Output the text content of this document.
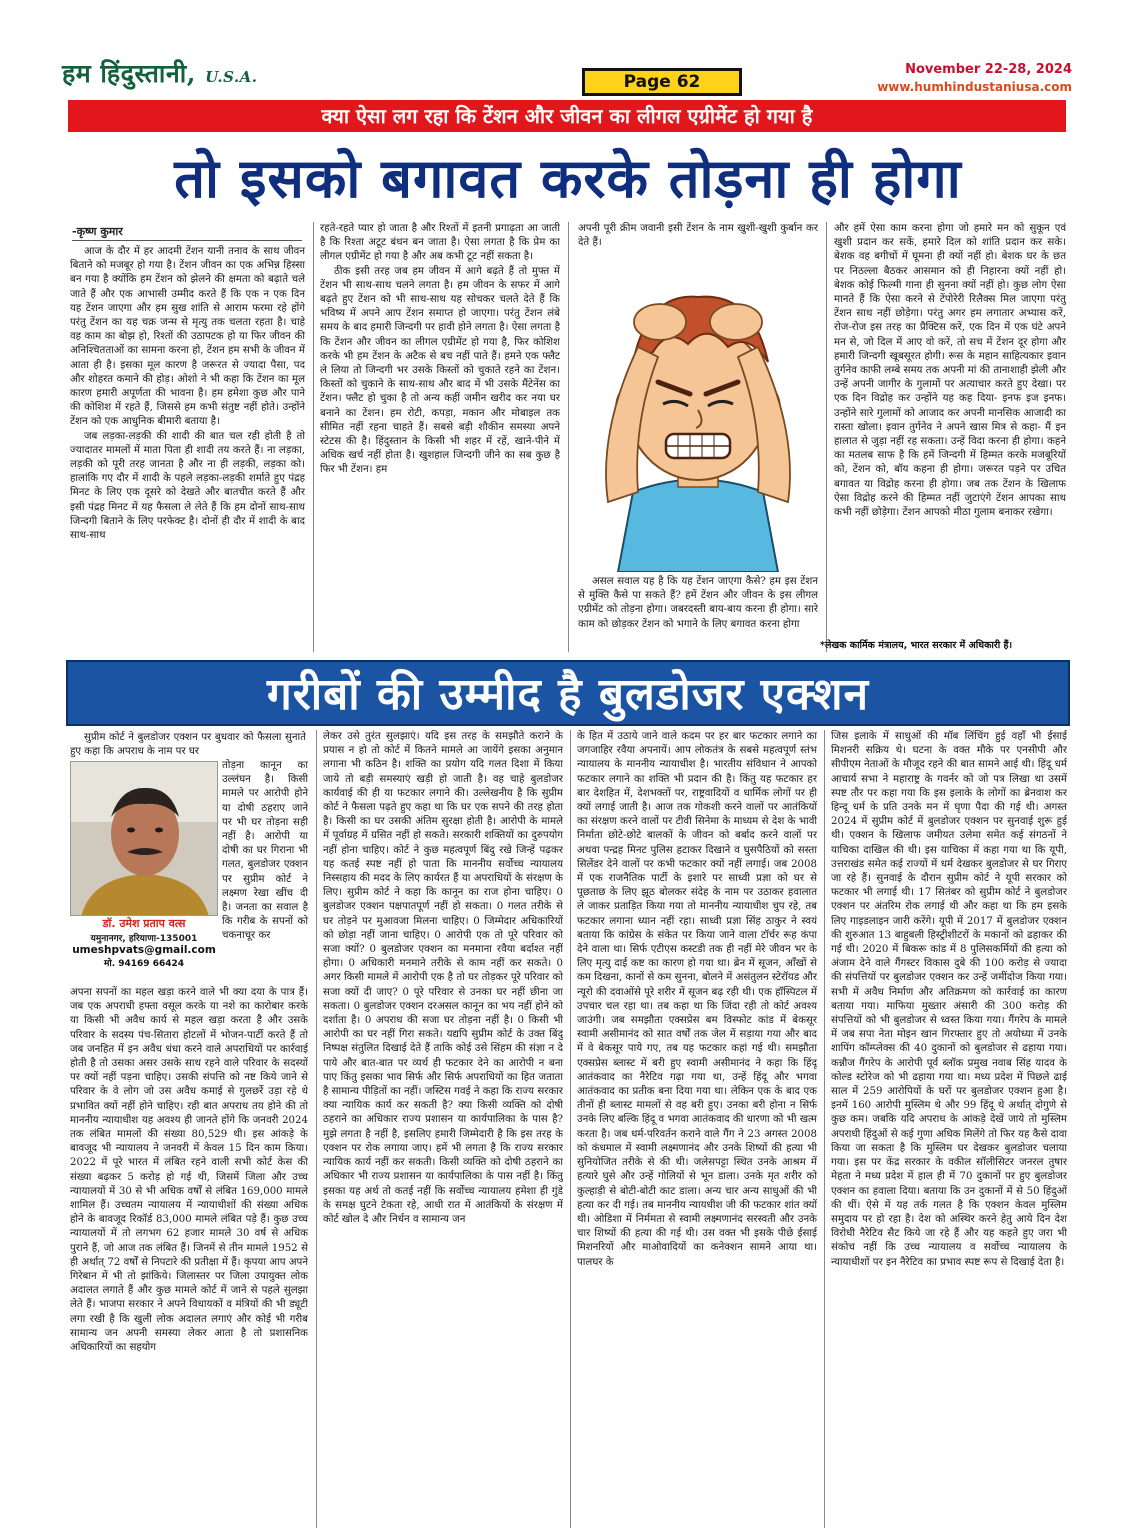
हम हिंदुस्तानी, U.S.A.	Page 62
November 22-28, 2024
www.humhindustaniusa.com
क्या ऐसा लग रहा कि टेंशन और जीवन का लीगल एग्रीमेंट हो गया है
तो इसको बगावत करके तोड़ना ही होगा
-कृष्ण कुमार

आज के दौर में हर आदमी टेंशन यानी तनाव के साथ जीवन बिताने को मजबूर हो गया है। टेंशन जीवन का एक अभिन्न हिस्सा बन गया है क्योंकि हम टेंशन को झेलने की क्षमता को बढ़ाते चले जाते हैं और एक आभासी उम्मीद करते हैं कि एक न एक दिन यह टेंशन जाएगा और हम सुख शांति से आराम फरमा रहे होंगे परंतु टेंशन का यह चक्र जन्म से मृत्यु तक चलता रहता है। चाहे वह काम का बोझ हो, रिश्तों की उठापटक हो या फिर जीवन की अनिश्चितताओं का सामना करना हो, टेंशन हम सभी के जीवन में आता ही है। इसका मूल कारण है जरूरत से ज्यादा पैसा, पद और शोहरत कमाने की होड़। ओशो ने भी कहा कि टेंशन का मूल कारण हमारी अपूर्णता की भावना है। हम हमेशा कुछ और पाने की कोशिश में रहते हैं, जिससे हम कभी संतुष्ट नहीं होते। उन्होंने टेंशन को एक आधुनिक बीमारी बताया है।

जब लड़का-लड़की की शादी की बात चल रही होती है तो ज्यादातर मामलों में माता पिता ही शादी तय करते हैं। ना लड़का, लड़की को पूरी तरह जानता है और ना ही लड़की, लड़का को। हालांकि गए दौर में शादी के पहले लड़का-लड़की शर्माते हुए पंद्रह मिनट के लिए एक दूसरे को देखते और बातचीत करते हैं और इसी पंद्रह मिनट में यह फैसला ले लेते हैं कि हम दोनों साथ-साथ जिन्दगी बिताने के लिए परफेक्ट है। दोनों ही दौर में शादी के बाद साथ-साथ

रहते-रहते प्यार हो जाता है और रिश्तों में इतनी प्रगाढ़ता आ जाती है कि रिश्ता अटूट बंधन बन जाता है। ऐसा लगता है कि प्रेम का लीगल एग्रीमेंट हो गया है और अब कभी टूट नहीं सकता है।

ठीक इसी तरह जब हम जीवन में आगे बढ़ते हैं तो मुफ्त में टेंशन भी साथ-साथ चलने लगता है। हम जीवन के सफर में आगे बढ़ते हुए टेंशन को भी साथ-साथ यह सोचकर चलते देते हैं कि भविष्य में अपने आप टेंशन समाप्त हो जाएगा। परंतु टेंशन लंबे समय के बाद हमारी जिन्दगी पर हावी होने लगता है। ऐसा लगता है कि टेंशन और जीवन का लीगल एग्रीमेंट हो गया है, फिर कोशिश करके भी हम टेंशन के अटैक से बच नहीं पाते हैं। हमने एक फ्लैट ले लिया तो जिन्दगी भर उसके किस्तों को चुकाते रहने का टेंशन। किस्तों को चुकाने के साथ-साथ और बाद में भी उसके मैंटेनेंस का टेंशन। फ्लैट हो चुका है तो अन्य कहीं जमीन खरीद कर नया घर बनाने का टेंशन। हम रोटी, कपड़ा, मकान और मोबाइल तक सीमित नहीं रहना चाहते हैं। सबसे बड़ी शौकीन समस्या अपने स्टेटस की है। हिंदुस्तान के किसी भी शहर में रहें, खाने-पीने में अधिक खर्च नहीं होता है। खुशहाल जिन्दगी जीने का सब कुछ है फिर भी टेंशन। हम

अपनी पूरी क्रीम जवानी इसी टेंशन के नाम खुशी-खुशी कुर्बान कर देते हैं।

असल सवाल यह है कि यह टेंशन जाएगा कैसे? हम इस टेंशन से मुक्ति कैसे पा सकते हैं? हमें टेंशन और जीवन के इस लीगल एग्रीमेंट को तोड़ना होगा। जबरदस्ती बाय-बाय करना ही होगा। सारे काम को छोड़कर टेंशन को भगाने के लिए बगावत करना होगा

और हमें ऐसा काम करना होगा जो हमारे मन को सुकून एवं खुशी प्रदान कर सकें, हमारे दिल को शांति प्रदान कर सके। बेशक वह बगीचों में घूमना ही क्यों नहीं हो। बेशक घर के छत पर निठल्ला बैठकर आसमान को ही निहारना क्यों नहीं हो। बेशक कोई फिल्मी गाना ही सुनना क्यों नहीं हो। कुछ लोग ऐसा मानते हैं कि ऐसा करने से टेंपोरेरी रिलैक्स मिल जाएगा परंतु टेंशन साथ नहीं छोड़ेगा। परंतु अगर हम लगातार अभ्यास करें, रोज-रोज इस तरह का प्रैक्टिस करें, एक दिन में एक घंटे अपने मन से, जो दिल में आए वो करें, तो सच में टेंशन दूर होगा और हमारी जिन्दगी खूबसूरत होगी। रूस के महान साहित्यकार इवान तुर्गनेव काफी लम्बे समय तक अपनी मां की तानाशाही झेली और उन्हें अपनी जागीर के गुलामों पर अत्याचार करते हुए देखा। पर एक दिन विद्रोह कर उन्होंने यह कह दिया- इनफ इज इनफ। उन्होंने सारे गुलामों को आजाद कर अपनी मानसिक आजादी का रास्ता खोला। इवान तुर्गनेव ने अपने खास मित्र से कहा- मैं इन हालात से जुड़ा नहीं रह सकता। उन्हें विदा करना ही होगा। कहने का मतलब साफ है कि हमें जिन्दगी में हिम्मत करके मजबूरियों को, टेंशन को, बॉय कहना ही होगा। जरूरत पड़ने पर उचित बगावत या विद्रोह करना ही होगा। जब तक टेंशन के खिलाफ ऐसा विद्रोह करने की हिम्मत नहीं जुटाएंगे टेंशन आपका साथ कभी नहीं छोड़ेगा। टेंशन आपको मीठा गुलाम बनाकर रखेगा।

*लेखक कार्मिक मंत्रालय, भारत सरकार में अधिकारी हैं।
गरीबों की उम्मीद है बुलडोजर एक्शन

सुप्रीम कोर्ट ने बुलडोजर एक्शन पर बुधवार को फैसला सुनाते हुए कहा कि अपराध के नाम पर घर

डॉ. उमेश प्रताप वत्स
यमुनानगर, हरियाणा-135001
umeshpvats@gmail.com
मो. 94169 66424

तोड़ना कानून का उल्लंघन है। किसी मामले पर आरोपी होने या दोषी ठहराए जाने पर भी घर तोड़ना सही नहीं है। आरोपी या दोषी का घर गिराना भी गलत, बुलडोजर एक्शन पर सुप्रीम कोर्ट ने लक्ष्मण रेखा खींच दी है। जनता का सवाल है कि गरीब के सपनों को चकनाचूर कर

अपना सपनों का महल खड़ा करने वाले भी क्या दया के पात्र हैं। जब एक अपराधी हफ्ता वसूल करके या नशे का कारोबार करके या किसी भी अवैध कार्य से महल खड़ा करता है और उसके परिवार के सदस्य पंच-सितारा होटलों में भोजन-पार्टी करते हैं तो जब जनहित में इन अवैध धंधा करने वाले अपराधियों पर कार्रवाई होती है तो उसका असर उसके साथ रहने वाले परिवार के सदस्यों पर क्यों नहीं पड़ना चाहिए। उसकी संपत्ति को नष्ट किये जाने से परिवार के वे लोग जो उस अवैध कमाई से गुलछर्रे उड़ा रहे थे प्रभावित क्यों नहीं होने चाहिए। रही बात अपराध तय होने की तो माननीय न्यायाधीश यह अवश्य ही जानते होंगे कि जनवरी 2024 तक लंबित मामलों की संख्या 80,529 थी। इस आंकड़े के बावजूद भी न्यायालय ने जनवरी में केवल 15 दिन काम किया। 2022 में पूरे भारत में लंबित रहने वाली सभी कोर्ट केस की संख्या बढ़कर 5 करोड़ हो गई थी, जिसमें जिला और उच्च न्यायालयों में 30 से भी अधिक वर्षों से लंबित 169,000 मामले शामिल हैं। उच्चतम न्यायालय में न्यायाधीशों की संख्या अधिक होने के बावजूद रिकॉर्ड 83,000 मामले लंबित पड़े हैं। कुछ उच्च न्यायालयों में तो लगभग 62 हजार मामले 30 वर्ष से अधिक पुराने हैं, जो आज तक लंबित हैं। जिनमें से तीन मामले 1952 से ही अर्थात् 72 वर्षों से निपटारे की प्रतीक्षा में हैं। कृपया आप अपने गिरेबान में भी तो झांकिये। जिलास्तर पर जिला उपायुक्त लोक अदालत लगाते हैं और कुछ मामले कोर्ट में जाने से पहले सुलझा लेते हैं। भाजपा सरकार ने अपने विधायकों व मंत्रियों की भी ड्यूटी लगा रखी है कि खुली लोक अदालत लगाएं और कोई भी गरीब सामान्य जन अपनी समस्या लेकर आता है तो प्रशासनिक अधिकारियों का सहयोग

लेकर उसे तुरंत सुलझाएं। यदि इस तरह के समझौते कराने के प्रयास न हो तो कोर्ट में कितने मामले आ जायेंगे इसका अनुमान लगाना भी कठिन है। शक्ति का प्रयोग यदि गलत दिशा में किया जाये तो बड़ी समस्याएं खड़ी हो जाती है। वह चाहे बुलडोजर कार्यवाई की ही या फटकार लगाने की। उल्लेखनीय है कि सुप्रीम कोर्ट ने फैसला पढ़ते हुए कहा था कि घर एक सपने की तरह होता है। किसी का घर उसकी अंतिम सुरक्षा होती है। आरोपी के मामले में पूर्वाग्रह में ग्रसित नहीं हो सकते। सरकारी शक्तियों का दुरुपयोग नहीं होना चाहिए। कोर्ट ने कुछ महत्वपूर्ण बिंदु रखे जिन्हें पढ़कर यह कतई स्पष्ट नहीं हो पाता कि माननीय सर्वोच्च न्यायालय निस्सहाय की मदद के लिए कार्यरत हैं या अपराधियों के संरक्षण के लिए। सुप्रीम कोर्ट ने कहा कि कानून का राज होना चाहिए। 0 बुलडोजर एक्शन पक्षपातपूर्ण नहीं हो सकता। 0 गलत तरीके से घर तोड़ने पर मुआवजा मिलना चाहिए। 0 जिम्मेदार अधिकारियों को छोड़ा नहीं जाना चाहिए। 0 आरोपी एक तो पूरे परिवार को सजा क्यों? 0 बुलडोजर एक्शन का मनमाना रवैया बर्दाश्त नहीं होगा। 0 अधिकारी मनमाने तरीके से काम नहीं कर सकते। 0 अगर किसी मामले में आरोपी एक है तो घर तोड़कर पूरे परिवार को सजा क्यों दी जाए? 0 पूरे परिवार से उनका घर नहीं छीना जा सकता। 0 बुलडोजर एक्शन दरअसल कानून का भय नहीं होने को दर्शाता है। 0 अपराध की सजा घर तोड़ना नहीं है। 0 किसी भी आरोपी का घर नहीं गिरा सकते। यद्यपि सुप्रीम कोर्ट के उक्त बिंदु निष्पक्ष संतुलित दिखाई देते हैं ताकि कोई उसे सिंहम की संज्ञा न दे पाये और बात-बात पर व्यर्थ ही फटकार देने का आरोपी न बना पाए किंतु इसका भाव सिर्फ और सिर्फ अपराधियों का हित जताता है सामान्य पीड़ितों का नहीं। जस्टिस गवई ने कहा कि राज्य सरकार क्या न्यायिक कार्य कर सकती है? क्या किसी व्यक्ति को दोषी ठहराने का अधिकार राज्य प्रशासन या कार्यपालिका के पास है? मुझे लगता है नहीं है, इसलिए हमारी जिम्मेदारी है कि इस तरह के एक्शन पर रोक लगाया जाए। हमें भी लगता है कि राज्य सरकार न्यायिक कार्य नहीं कर सकती। किसी व्यक्ति को दोषी ठहराने का अधिकार भी राज्य प्रशासन या कार्यपालिका के पास नहीं है। किंतु इसका यह अर्थ तो कतई नहीं कि सर्वोच्च न्यायालय हमेशा ही गुंडे के समक्ष घुटने टेकता रहे, आधी रात में आतंकियों के संरक्षण में कोर्ट खोल दे और निर्धन व सामान्य जन

के हित में उठाये जाने वाले कदम पर हर बार फटकार लगाने का जगजाहिर रवैया अपनायें। आप लोकतंत्र के सबसे महत्वपूर्ण स्तंभ न्यायालय के माननीय न्यायाधीश है। भारतीय संविधान ने आपको फटकार लगाने का शक्ति भी प्रदान की है। किंतु यह फटकार हर बार देशहित में, देशभक्तों पर, राष्ट्रवादियों व धार्मिक लोगों पर ही क्यों लगाई जाती है। आज तक गोकशी करने वालों पर आतंकियों का संरक्षण करने वालों पर टीवी सिनेमा के माध्यम से देश के भावी निर्माता छोटे-छोटे बालकों के जीवन को बर्बाद करने वालों पर अथवा पन्द्रह मिनट पुलिस हटाकर दिखाने व घुसपैठियों को सस्ता सिलेंडर देने वालों पर कभी फटकार क्यों नहीं लगाई। जब 2008 में एक राजनैतिक पार्टी के इशारे पर साध्वी प्रज्ञा को घर से पूछताछ के लिए झूठ बोलकर संदेह के नाम पर उठाकर हवालात ले जाकर प्रताड़ित किया गया तो माननीय न्यायाधीश चुप रहे, तब फटकार लगाना ध्यान नहीं रहा। साध्वी प्रज्ञा सिंह ठाकुर ने स्वयं बताया कि कांग्रेस के संकेत पर किया जाने वाला टॉर्चर रूह कंपा देने वाला था। सिर्फ एटीएस कस्टडी तक ही नहीं मेरे जीवन भर के लिए मृत्यु दाई कष्ट का कारण हो गया था। ब्रेन में सूजन, आँखों से कम दिखना, कानों से कम सुनना, बोलने में असंतुलन स्टेरॉयड और न्यूरो की दवाओंसे पूरे शरीर में सूजन बढ़ रही थी। एक हॉस्पिटल में उपचार चल रहा था। तब कहा था कि जिंदा रही तो कोर्ट अवश्य जाउंगी। जब समझौता एक्सप्रेस बम विस्फोट कांड में बेकसूर स्वामी असीमानंद को सात वर्षों तक जेल में सड़ाया गया और बाद में वे बेकसूर पाये गए, तब यह फटकार कहां गई थी। समझौता एक्सप्रेस ब्लास्ट में बरी हुए स्वामी असीमानंद ने कहा कि हिंदू आतंकवाद का नैरेटिव गढ़ा गया था, उन्हें हिंदू और भगवा आतंकवाद का प्रतीक बना दिया गया था। लेकिन एक के बाद एक तीनों ही ब्लास्ट मामलों से वह बरी हुए। उनका बरी होना न सिर्फ उनके लिए बल्कि हिंदू व भगवा आतंकवाद की धारणा को भी खत्म करता है। जब धर्म-परिवर्तन कराने वाले गैंग ने 23 अगस्त 2008 को कंधमाल में स्वामी लक्ष्मणानंद और उनके शिष्यों की हत्या भी सुनियोजित तरीके से की थी। जलेसपट्टा स्थित उनके आश्रम में हत्यारे घुसे और उन्हें गोलियों से भून डाला। उनके मृत शरीर को कुल्हाड़ी से बोटी-बोटी काट डाला। अन्य चार अन्य साधुओं की भी हत्या कर दी गई। तब माननीय न्यायधीश जी की फटकार शांत क्यों थी। ओडिशा में निर्ममता से स्वामी लक्ष्मणानंद सरस्वती और उनके चार शिष्यों की हत्या की गई थी। उस वक्त भी इसके पीछे ईसाई मिशनरियों और माओवादियों का कनेक्शन सामने आया था। पालघर के

जिस इलाके में साधुओं की मॉब लिंचिंग हुई वहाँ भी ईसाई मिशनरी सक्रिय थे। घटना के वक्त मौके पर एनसीपी और सीपीएम नेताओं के मौजूद रहने की बात सामने आई थी। हिंदू धर्म आचार्य सभा ने महाराष्ट्र के गवर्नर को जो पत्र लिखा था उसमें स्पष्ट तौर पर कहा गया कि इस इलाके के लोगों का ब्रेनवाश कर हिन्दू धर्म के प्रति उनके मन में घृणा पैदा की गई थी। अगस्त 2024 में सुप्रीम कोर्ट में बुलडोजर एक्शन पर सुनवाई शुरू हुई थी। एक्शन के खिलाफ जमीयत उलेमा समेत कई संगठनों ने याचिका दाखिल की थी। इस याचिका में कहा गया था कि यूपी, उत्तराखंड समेत कई राज्यों में धर्म देखकर बुलडोजर से घर गिराए जा रहे हैं। सुनवाई के दौरान सुप्रीम कोर्ट ने यूपी सरकार को फटकार भी लगाई थी। 17 सितंबर को सुप्रीम कोर्ट ने बुलडोजर एक्शन पर अंतरिम रोक लगाई थी और कहा था कि हम इसके लिए गाइडलाइन जारी करेंगे। यूपी में 2017 में बुलडोजर एक्शन की शुरुआत 13 बाहुबली हिस्ट्रीशीटरों के मकानों को ढहाकर की गई थी। 2020 में बिकरू कांड में 8 पुलिसकर्मियों की हत्या को अंजाम देने वाले गैंगस्टर विकास दुबे की 100 करोड़ से ज्यादा की संपत्तियों पर बुलडोजर एक्शन कर उन्हें जमींदोज किया गया। सभी में अवैध निर्माण और अतिक्रमण को कार्रवाई का कारण बताया गया। माफिया मुख्तार अंसारी की 300 करोड़ की संपत्तियों को भी बुलडोजर से ध्वस्त किया गया। गैंगरेप के मामले में जब सपा नेता मोइन खान गिरफ्तार हुए तो अयोध्या में उनके शापिंग कॉम्प्लेक्स की 40 दुकानों को बुलडोजर से ढहाया गया। कन्नौज गैंगरेप के आरोपी पूर्व ब्लॉक प्रमुख नवाब सिंह यादव के कोल्ड स्टोरेज को भी ढहाया गया था। मध्य प्रदेश में पिछले ढाई साल में 259 आरोपियों के घरों पर बुलडोजर एक्शन हुआ है। इनमें 160 आरोपी मुस्लिम थे और 99 हिंदू थे अर्थात् दोगुणे से कुछ कम। जबकि यदि अपराध के आंकड़े देखें जाये तो मुस्लिम अपराधी हिंदुओं से कई गुणा अधिक मिलेंगे तो फिर यह कैसे दावा किया जा सकता है कि मुस्लिम घर देखकर बुलडोजर चलाया गया। इस पर केंद्र सरकार के वकील सॉलीसिटर जनरल तुषार मेहता ने मध्य प्रदेश में हाल ही में 70 दुकानों पर हुए बुलडोजर एक्शन का हवाला दिया। बताया कि उन दुकानों में से 50 हिंदुओं की थीं। ऐसे में यह तर्क गलत है कि एक्शन केवल मुस्लिम समुदाय पर हो रहा है। देश को अस्थिर करने हेतु आये दिन देश विरोधी नैरेटिव सैट किये जा रहे हैं और यह कहते हुए जरा भी संकोच नहीं कि उच्च न्यायालय व सर्वोच्च न्यायालय के न्यायाधीशों पर इन नैरेटिव का प्रभाव स्पष्ट रूप से दिखाई देता है।
